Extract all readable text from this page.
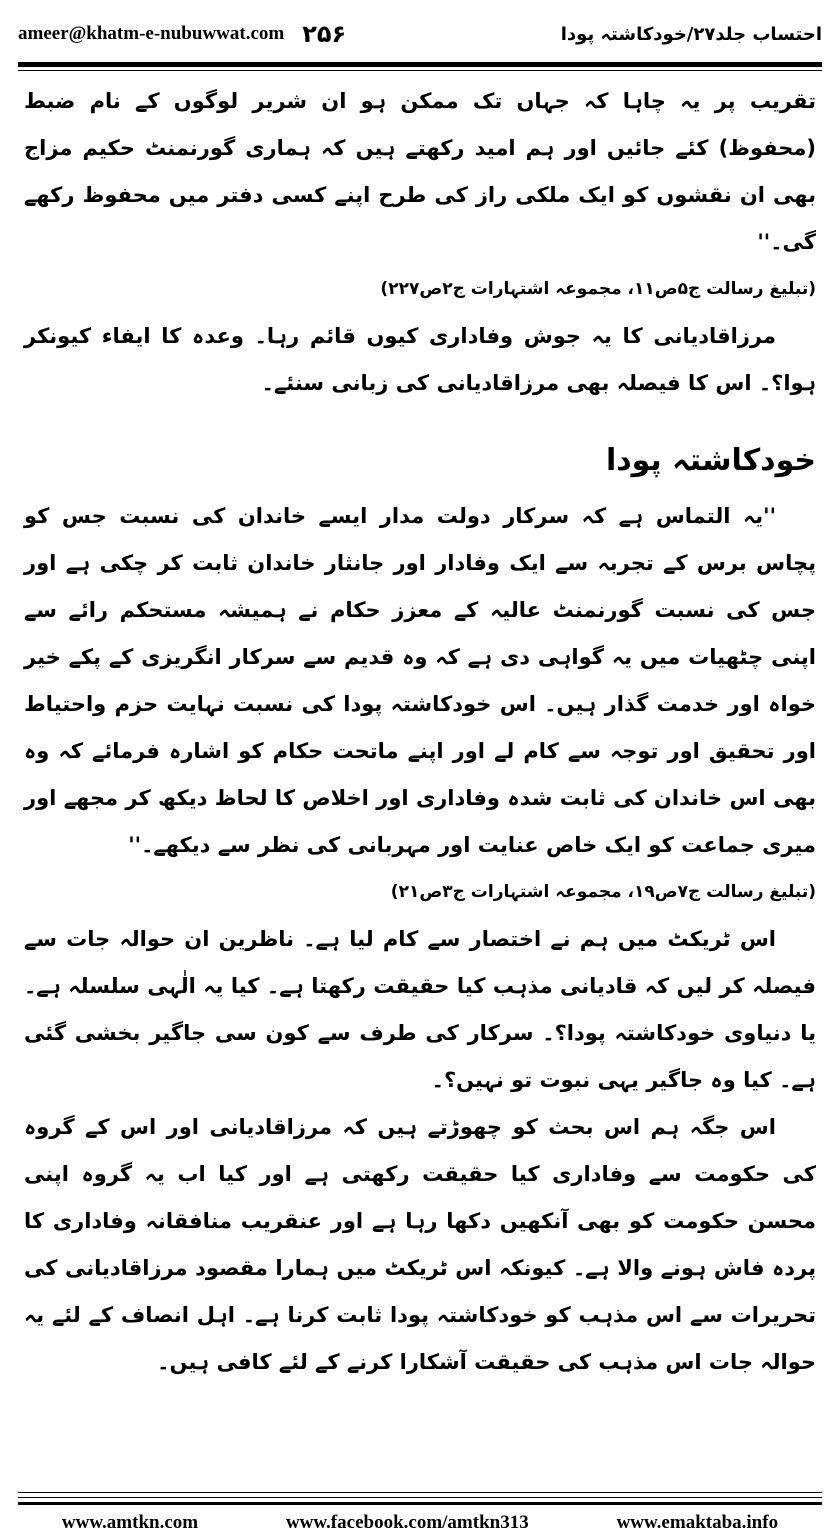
ameer@khatm-e-nubuwwat.com ۲۵۶	احتساب جلد۲۷/خودکاشتہ پودا

تقریب پر یہ چاہا کہ جہاں تک ممکن ہو ان شریر لوگوں کے نام ضبط (محفوظ) کئے جائیں اور ہم امید رکھتے ہیں کہ ہماری گورنمنٹ حکیم مزاج بھی ان نقشوں کو ایک ملکی راز کی طرح اپنے کسی دفتر میں محفوظ رکھے گی۔''

(تبلیغ رسالت ج۵ص۱۱، مجموعہ اشتہارات ج۲ص۲۲۷)

مرزاقادیانی کا یہ جوش وفاداری کیوں قائم رہا۔ وعدہ کا ایفاء کیونکر ہوا؟۔ اس کا فیصلہ بھی مرزاقادیانی کی زبانی سنئے۔

خودکاشتہ پودا

''یہ التماس ہے کہ سرکار دولت مدار ایسے خاندان کی نسبت جس کو پچاس برس کے تجربہ سے ایک وفادار اور جانثار خاندان ثابت کر چکی ہے اور جس کی نسبت گورنمنٹ عالیہ کے معزز حکام نے ہمیشہ مستحکم رائے سے اپنی چٹھیات میں یہ گواہی دی ہے کہ وہ قدیم سے سرکار انگریزی کے پکے خیر خواہ اور خدمت گذار ہیں۔ اس خودکاشتہ پودا کی نسبت نہایت حزم واحتیاط اور تحقیق اور توجہ سے کام لے اور اپنے ماتحت حکام کو اشارہ فرمائے کہ وہ بھی اس خاندان کی ثابت شدہ وفاداری اور اخلاص کا لحاظ دیکھ کر مجھے اور میری جماعت کو ایک خاص عنایت اور مہربانی کی نظر سے دیکھے۔''

(تبلیغ رسالت ج۷ص۱۹، مجموعہ اشتہارات ج۳ص۲۱)

اس ٹریکٹ میں ہم نے اختصار سے کام لیا ہے۔ ناظرین ان حوالہ جات سے فیصلہ کر لیں کہ قادیانی مذہب کیا حقیقت رکھتا ہے۔ کیا یہ الٰہی سلسلہ ہے۔ یا دنیاوی خودکاشتہ پودا؟۔ سرکار کی طرف سے کون سی جاگیر بخشی گئی ہے۔ کیا وہ جاگیر یہی نبوت تو نہیں؟۔

اس جگہ ہم اس بحث کو چھوڑتے ہیں کہ مرزاقادیانی اور اس کے گروہ کی حکومت سے وفاداری کیا حقیقت رکھتی ہے اور کیا اب یہ گروہ اپنی محسن حکومت کو بھی آنکھیں دکھا رہا ہے اور عنقریب منافقانہ وفاداری کا پردہ فاش ہونے والا ہے۔ کیونکہ اس ٹریکٹ میں ہمارا مقصود مرزاقادیانی کی تحریرات سے اس مذہب کو خودکاشتہ پودا ثابت کرنا ہے۔ اہل انصاف کے لئے یہ حوالہ جات اس مذہب کی حقیقت آشکارا کرنے کے لئے کافی ہیں۔

www.amtkn.com	www.facebook.com/amtkn313	www.emaktaba.info
